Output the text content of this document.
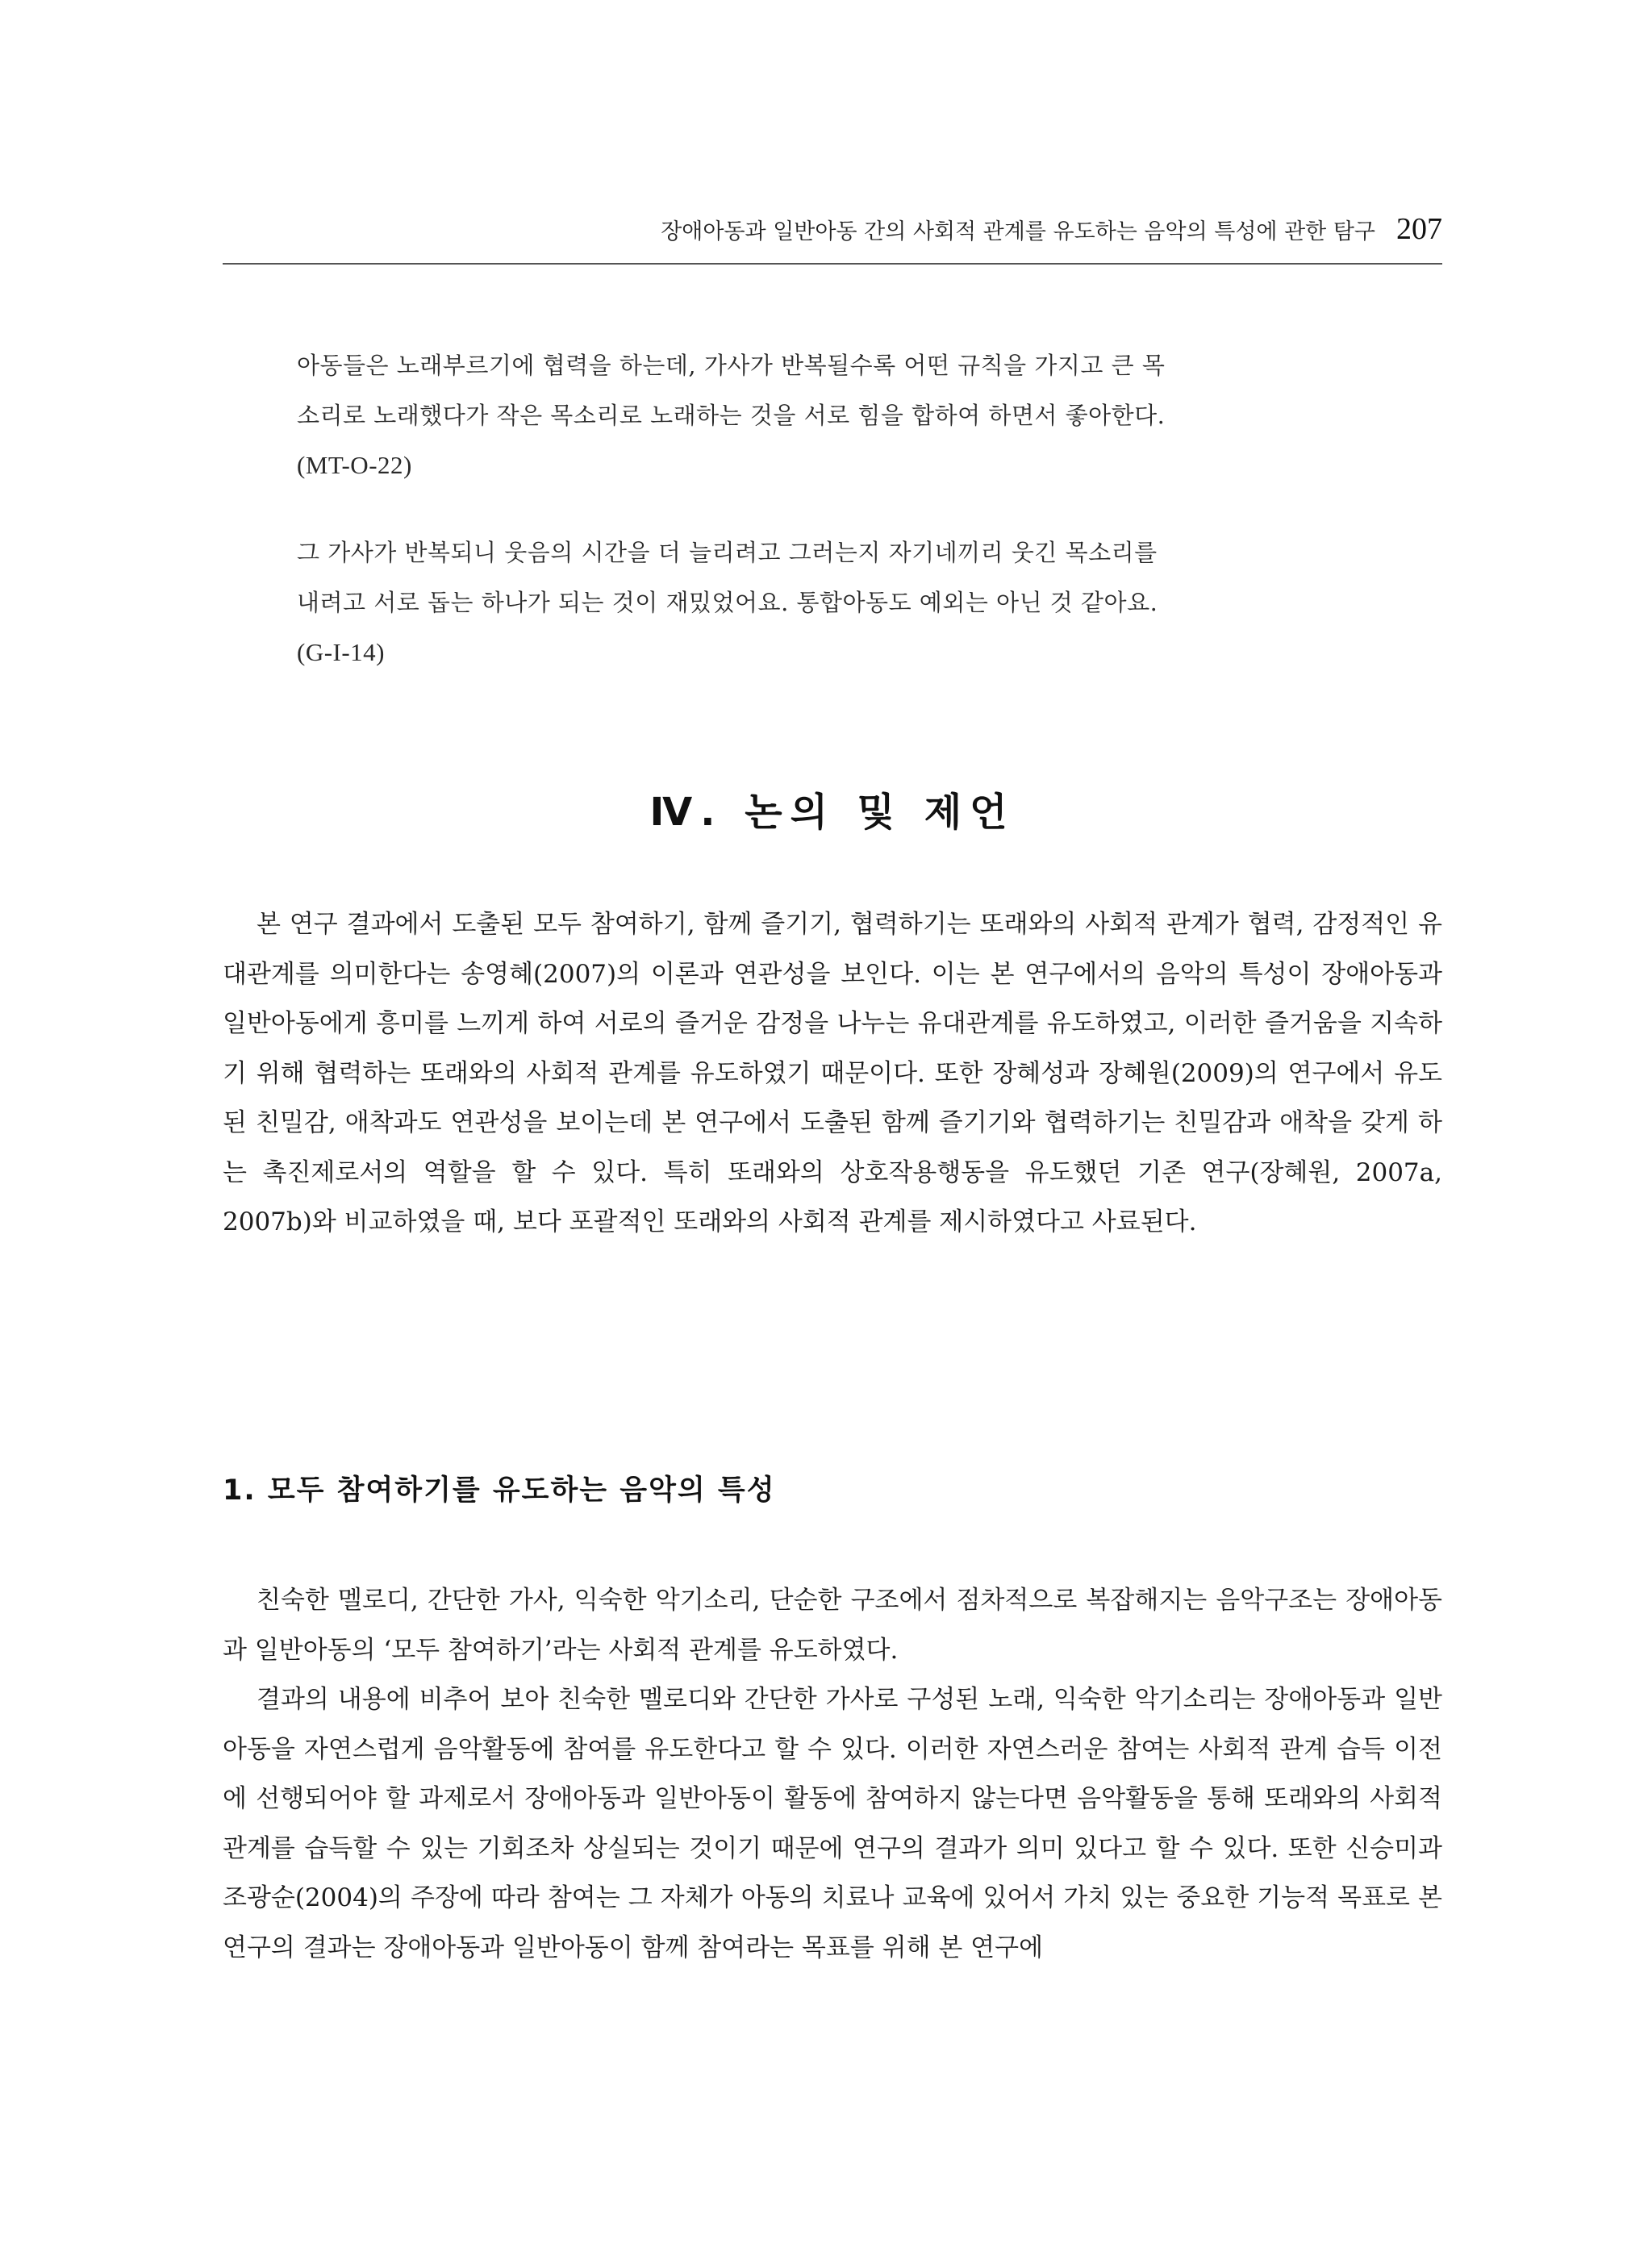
장애아동과 일반아동 간의 사회적 관계를 유도하는 음악의 특성에 관한 탐구 207

아동들은 노래부르기에 협력을 하는데, 가사가 반복될수록 어떤 규칙을 가지고 큰 목

소리로 노래했다가 작은 목소리로 노래하는 것을 서로 힘을 합하여 하면서 좋아한다.

(MT-O-22)

그 가사가 반복되니 웃음의 시간을 더 늘리려고 그러는지 자기네끼리 웃긴 목소리를

내려고 서로 돕는 하나가 되는 것이 재밌었어요. 통합아동도 예외는 아닌 것 같아요.

(G-I-14)

Ⅳ. 논의 및 제언

본 연구 결과에서 도출된 모두 참여하기, 함께 즐기기, 협력하기는 또래와의 사회적 관계가 협력, 감정적인 유대관계를 의미한다는 송영혜(2007)의 이론과 연관성을 보인다. 이는 본 연구에서의 음악의 특성이 장애아동과 일반아동에게 흥미를 느끼게 하여 서로의 즐거운 감정을 나누는 유대관계를 유도하였고, 이러한 즐거움을 지속하기 위해 협력하는 또래와의 사회적 관계를 유도하였기 때문이다. 또한 장혜성과 장혜원(2009)의 연구에서 유도된 친밀감, 애착과도 연관성을 보이는데 본 연구에서 도출된 함께 즐기기와 협력하기는 친밀감과 애착을 갖게 하는 촉진제로서의 역할을 할 수 있다. 특히 또래와의 상호작용행동을 유도했던 기존 연구(장혜원, 2007a, 2007b)와 비교하였을 때, 보다 포괄적인 또래와의 사회적 관계를 제시하였다고 사료된다.

1. 모두 참여하기를 유도하는 음악의 특성

친숙한 멜로디, 간단한 가사, 익숙한 악기소리, 단순한 구조에서 점차적으로 복잡해지는 음악구조는 장애아동과 일반아동의 ‘모두 참여하기’라는 사회적 관계를 유도하였다.

결과의 내용에 비추어 보아 친숙한 멜로디와 간단한 가사로 구성된 노래, 익숙한 악기소리는 장애아동과 일반아동을 자연스럽게 음악활동에 참여를 유도한다고 할 수 있다. 이러한 자연스러운 참여는 사회적 관계 습득 이전에 선행되어야 할 과제로서 장애아동과 일반아동이 활동에 참여하지 않는다면 음악활동을 통해 또래와의 사회적 관계를 습득할 수 있는 기회조차 상실되는 것이기 때문에 연구의 결과가 의미 있다고 할 수 있다. 또한 신승미과 조광순(2004)의 주장에 따라 참여는 그 자체가 아동의 치료나 교육에 있어서 가치 있는 중요한 기능적 목표로 본 연구의 결과는 장애아동과 일반아동이 함께 참여라는 목표를 위해 본 연구에
